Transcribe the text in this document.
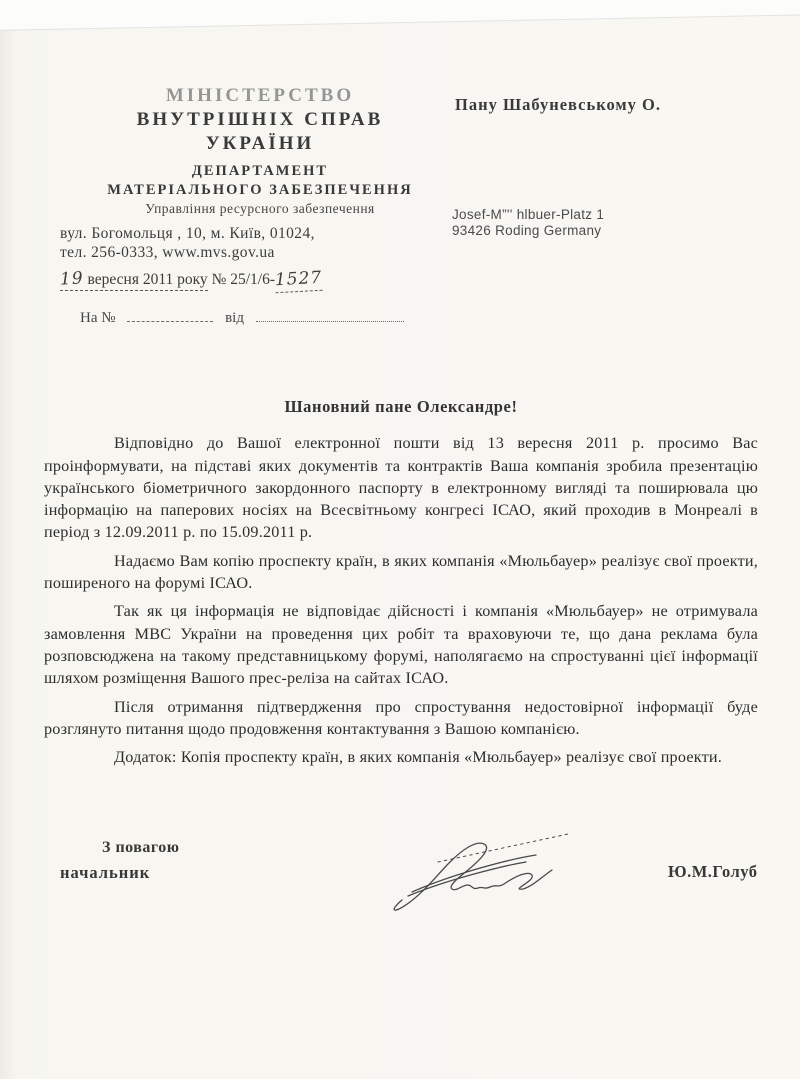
МІНІСТЕРСТВО
ВНУТРІШНІХ СПРАВ
УКРАЇНИ
ДЕПАРТАМЕНТ
МАТЕРІАЛЬНОГО ЗАБЕЗПЕЧЕННЯ
Управління ресурсного забезпечення
вул. Богомольця , 10, м. Київ, 01024,
тел. 256-0333, www.mvs.gov.ua
Пану Шабуневському О.
Josef-M”'' hlbuer-Platz 1
93426 Roding Germany
19 вересня 2011 року № 25/1/6-1527
На №	від
Шановний пане Олександре!

Відповідно до Вашої електронної пошти від 13 вересня 2011 р. просимо Вас проінформувати, на підставі яких документів та контрактів Ваша компанія зробила презентацію українського біометричного закордонного паспорту в електронному вигляді та поширювала цю інформацію на паперових носіях на Всесвітньому конгресі ІСАО, який проходив в Монреалі в період з 12.09.2011 р. по 15.09.2011 р.

Надаємо Вам копію проспекту країн, в яких компанія «Мюльбауер» реалізує свої проекти, поширеного на форумі ІСАО.

Так як ця інформація не відповідає дійсності і компанія «Мюльбауер» не отримувала замовлення МВС України на проведення цих робіт та враховуючи те, що дана реклама була розповсюджена на такому представницькому форумі, наполягаємо на спростуванні цієї інформації шляхом розміщення Вашого прес-реліза на сайтах ІСАО.

Після отримання підтвердження про спростування недостовірної інформації буде розглянуто питання щодо продовження контактування з Вашою компанією.

Додаток: Копія проспекту країн, в яких компанія «Мюльбауер» реалізує свої проекти.

З повагою
начальник	Ю.М.Голуб
